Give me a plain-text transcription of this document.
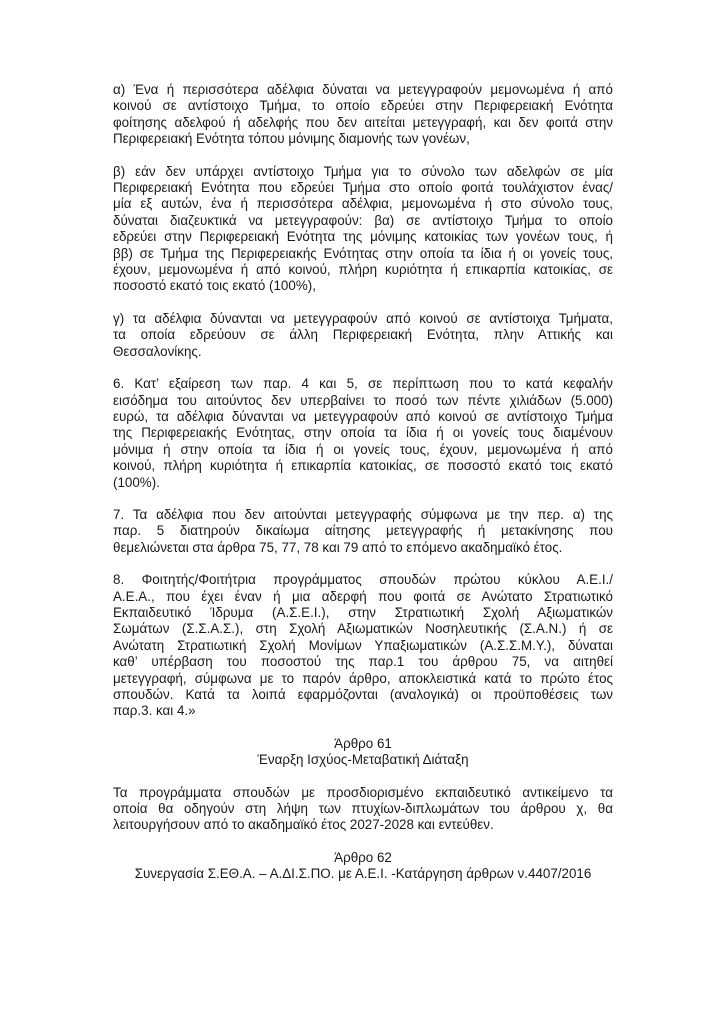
α) Ένα ή περισσότερα αδέλφια δύναται να μετεγγραφούν μεμονωμένα ή από
κοινού σε αντίστοιχο Τμήμα, το οποίο εδρεύει στην Περιφερειακή Ενότητα
φοίτησης αδελφού ή αδελφής που δεν αιτείται μετεγγραφή, και δεν φοιτά στην
Περιφερειακή Ενότητα τόπου μόνιμης διαμονής των γονέων,
β) εάν δεν υπάρχει αντίστοιχο Τμήμα για το σύνολο των αδελφών σε μία
Περιφερειακή Ενότητα που εδρεύει Τμήμα στο οποίο φοιτά τουλάχιστον ένας/
μία εξ αυτών, ένα ή περισσότερα αδέλφια, μεμονωμένα ή στο σύνολο τους,
δύναται διαζευκτικά να μετεγγραφούν: βα) σε αντίστοιχο Τμήμα το οποίο
εδρεύει στην Περιφερειακή Ενότητα της μόνιμης κατοικίας των γονέων τους, ή
ββ) σε Τμήμα της Περιφερειακής Ενότητας στην οποία τα ίδια ή οι γονείς τους,
έχουν, μεμονωμένα ή από κοινού, πλήρη κυριότητα ή επικαρπία κατοικίας, σε
ποσοστό εκατό τοις εκατό (100%),
γ) τα αδέλφια δύνανται να μετεγγραφούν από κοινού σε αντίστοιχα Τμήματα,
τα οποία εδρεύουν σε άλλη Περιφερειακή Ενότητα, πλην Αττικής και
Θεσσαλονίκης.
6. Κατ’ εξαίρεση των παρ. 4 και 5, σε περίπτωση που το κατά κεφαλήν
εισόδημα του αιτούντος δεν υπερβαίνει το ποσό των πέντε χιλιάδων (5.000)
ευρώ, τα αδέλφια δύνανται να μετεγγραφούν από κοινού σε αντίστοιχο Τμήμα
της Περιφερειακής Ενότητας, στην οποία τα ίδια ή οι γονείς τους διαμένουν
μόνιμα ή στην οποία τα ίδια ή οι γονείς τους, έχουν, μεμονωμένα ή από
κοινού, πλήρη κυριότητα ή επικαρπία κατοικίας, σε ποσοστό εκατό τοις εκατό
(100%).
7. Τα αδέλφια που δεν αιτούνται μετεγγραφής σύμφωνα με την περ. α) της
παρ. 5 διατηρούν δικαίωμα αίτησης μετεγγραφής ή μετακίνησης που
θεμελιώνεται στα άρθρα 75, 77, 78 και 79 από το επόμενο ακαδημαϊκό έτος.
8. Φοιτητής/Φοιτήτρια προγράμματος σπουδών πρώτου κύκλου Α.Ε.Ι./
Α.Ε.Α., που έχει έναν ή μια αδερφή που φοιτά σε Ανώτατο Στρατιωτικό
Εκπαιδευτικό Ίδρυμα (Α.Σ.Ε.Ι.), στην Στρατιωτική Σχολή Αξιωματικών
Σωμάτων (Σ.Σ.Α.Σ.), στη Σχολή Αξιωματικών Νοσηλευτικής (Σ.Α.Ν.) ή σε
Ανώτατη Στρατιωτική Σχολή Μονίμων Υπαξιωματικών (Α.Σ.Σ.Μ.Υ.), δύναται
καθ’ υπέρβαση του ποσοστού της παρ.1 του άρθρου 75, να αιτηθεί
μετεγγραφή, σύμφωνα με το παρόν άρθρο, αποκλειστικά κατά το πρώτο έτος
σπουδών. Κατά τα λοιπά εφαρμόζονται (αναλογικά) οι προϋποθέσεις των
παρ.3. και 4.»
Άρθρο 61
Έναρξη Ισχύος-Μεταβατική Διάταξη
Τα προγράμματα σπουδών με προσδιορισμένο εκπαιδευτικό αντικείμενο τα
οποία θα οδηγούν στη λήψη των πτυχίων-διπλωμάτων του άρθρου χ, θα
λειτουργήσουν από το ακαδημαϊκό έτος 2027-2028 και εντεύθεν.
Άρθρο 62
Συνεργασία Σ.ΕΘ.Α. – Α.ΔΙ.Σ.ΠΟ. με Α.Ε.Ι. -Κατάργηση άρθρων ν.4407/2016
